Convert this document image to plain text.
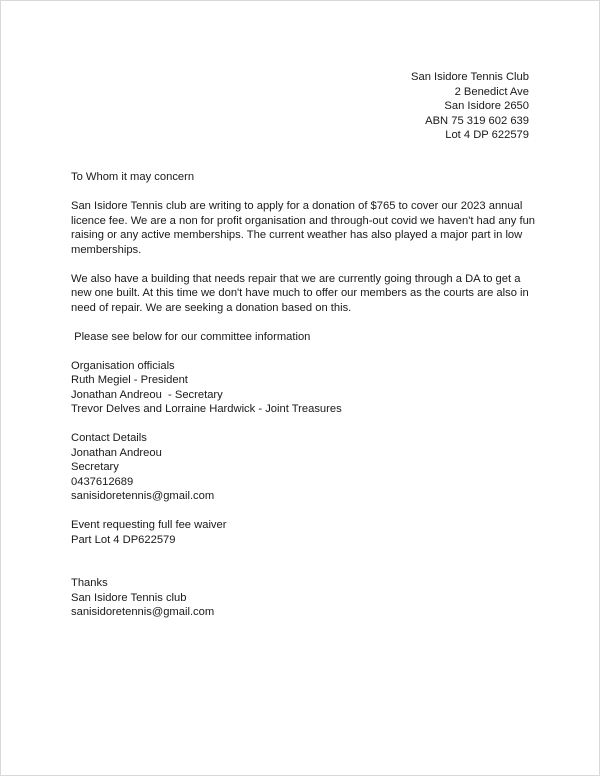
San Isidore Tennis Club
2 Benedict Ave
San Isidore 2650
ABN 75 319 602 639
Lot 4 DP 622579

To Whom it may concern

San Isidore Tennis club are writing to apply for a donation of $765 to cover our 2023 annual licence fee. We are a non for profit organisation and through-out covid we haven't had any fun raising or any active memberships. The current weather has also played a major part in low memberships.

We also have a building that needs repair that we are currently going through a DA to get a new one built. At this time we don't have much to offer our members as the courts are also in need of repair. We are seeking a donation based on this.

Please see below for our committee information

Organisation officials

Ruth Megiel - President

Jonathan Andreou  - Secretary

Trevor Delves and Lorraine Hardwick - Joint Treasures

Contact Details

Jonathan Andreou

Secretary

0437612689

sanisidoretennis@gmail.com

Event requesting full fee waiver

Part Lot 4 DP622579

Thanks

San Isidore Tennis club

sanisidoretennis@gmail.com
